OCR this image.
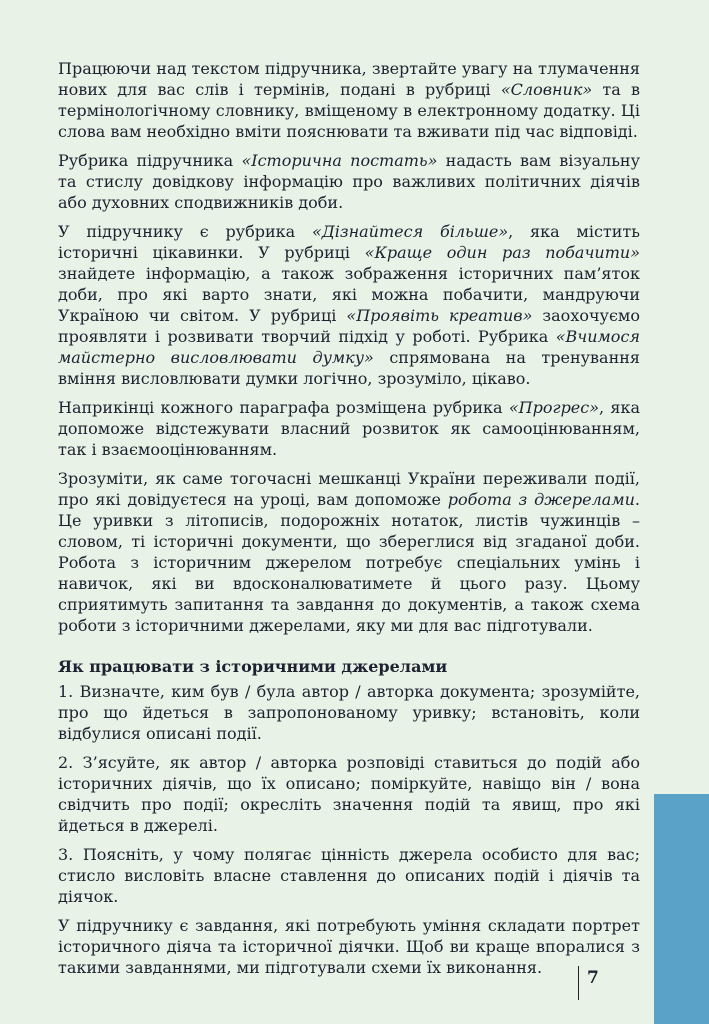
Працюючи над текстом підручника, звертайте увагу на тлумачення нових для вас слів і термінів, подані в рубриці «Словник» та в термінологічному словнику, вміщеному в електронному додатку. Ці слова вам необхідно вміти пояснювати та вживати під час відповіді.

Рубрика підручника «Історична постать» надасть вам візуальну та стислу довідкову інформацію про важливих політичних діячів або духовних сподвижників доби.

У підручнику є рубрика «Дізнайтеся більше», яка містить історичні цікавинки. У рубриці «Краще один раз побачити» знайдете інформацію, а також зображення історичних пам’яток доби, про які варто знати, які можна побачити, мандруючи Україною чи світом. У рубриці «Проявіть креатив» заохочуємо проявляти і розвивати творчий підхід у роботі. Рубрика «Вчимося майстерно висловлювати думку» спрямована на тренування вміння висловлювати думки логічно, зрозуміло, цікаво.

Наприкінці кожного параграфа розміщена рубрика «Прогрес», яка допоможе відстежувати власний розвиток як самооцінюванням, так і взаємооцінюванням.

Зрозуміти, як саме тогочасні мешканці України переживали події, про які довідуєтеся на уроці, вам допоможе робота з джерелами. Це уривки з літописів, подорожніх нотаток, листів чужинців – словом, ті історичні документи, що збереглися від згаданої доби. Робота з історичним джерелом потребує спеціальних умінь і навичок, які ви вдосконалюватимете й цього разу. Цьому сприятимуть запитання та завдання до документів, а також схема роботи з історичними джерелами, яку ми для вас підготували.

Як працювати з історичними джерелами

1. Визначте, ким був / була автор / авторка документа; зрозумійте, про що йдеться в запропонованому уривку; встановіть, коли відбулися описані події.

2. З’ясуйте, як автор / авторка розповіді ставиться до подій або історичних діячів, що їх описано; поміркуйте, навіщо він / вона свідчить про події; окресліть значення подій та явищ, про які йдеться в джерелі.

3. Поясніть, у чому полягає цінність джерела особисто для вас; стисло висловіть власне ставлення до описаних подій і діячів та діячок.

У підручнику є завдання, які потребують уміння складати портрет історичного діяча та історичної діячки. Щоб ви краще впоралися з такими завданнями, ми підготували схеми їх виконання.

7
